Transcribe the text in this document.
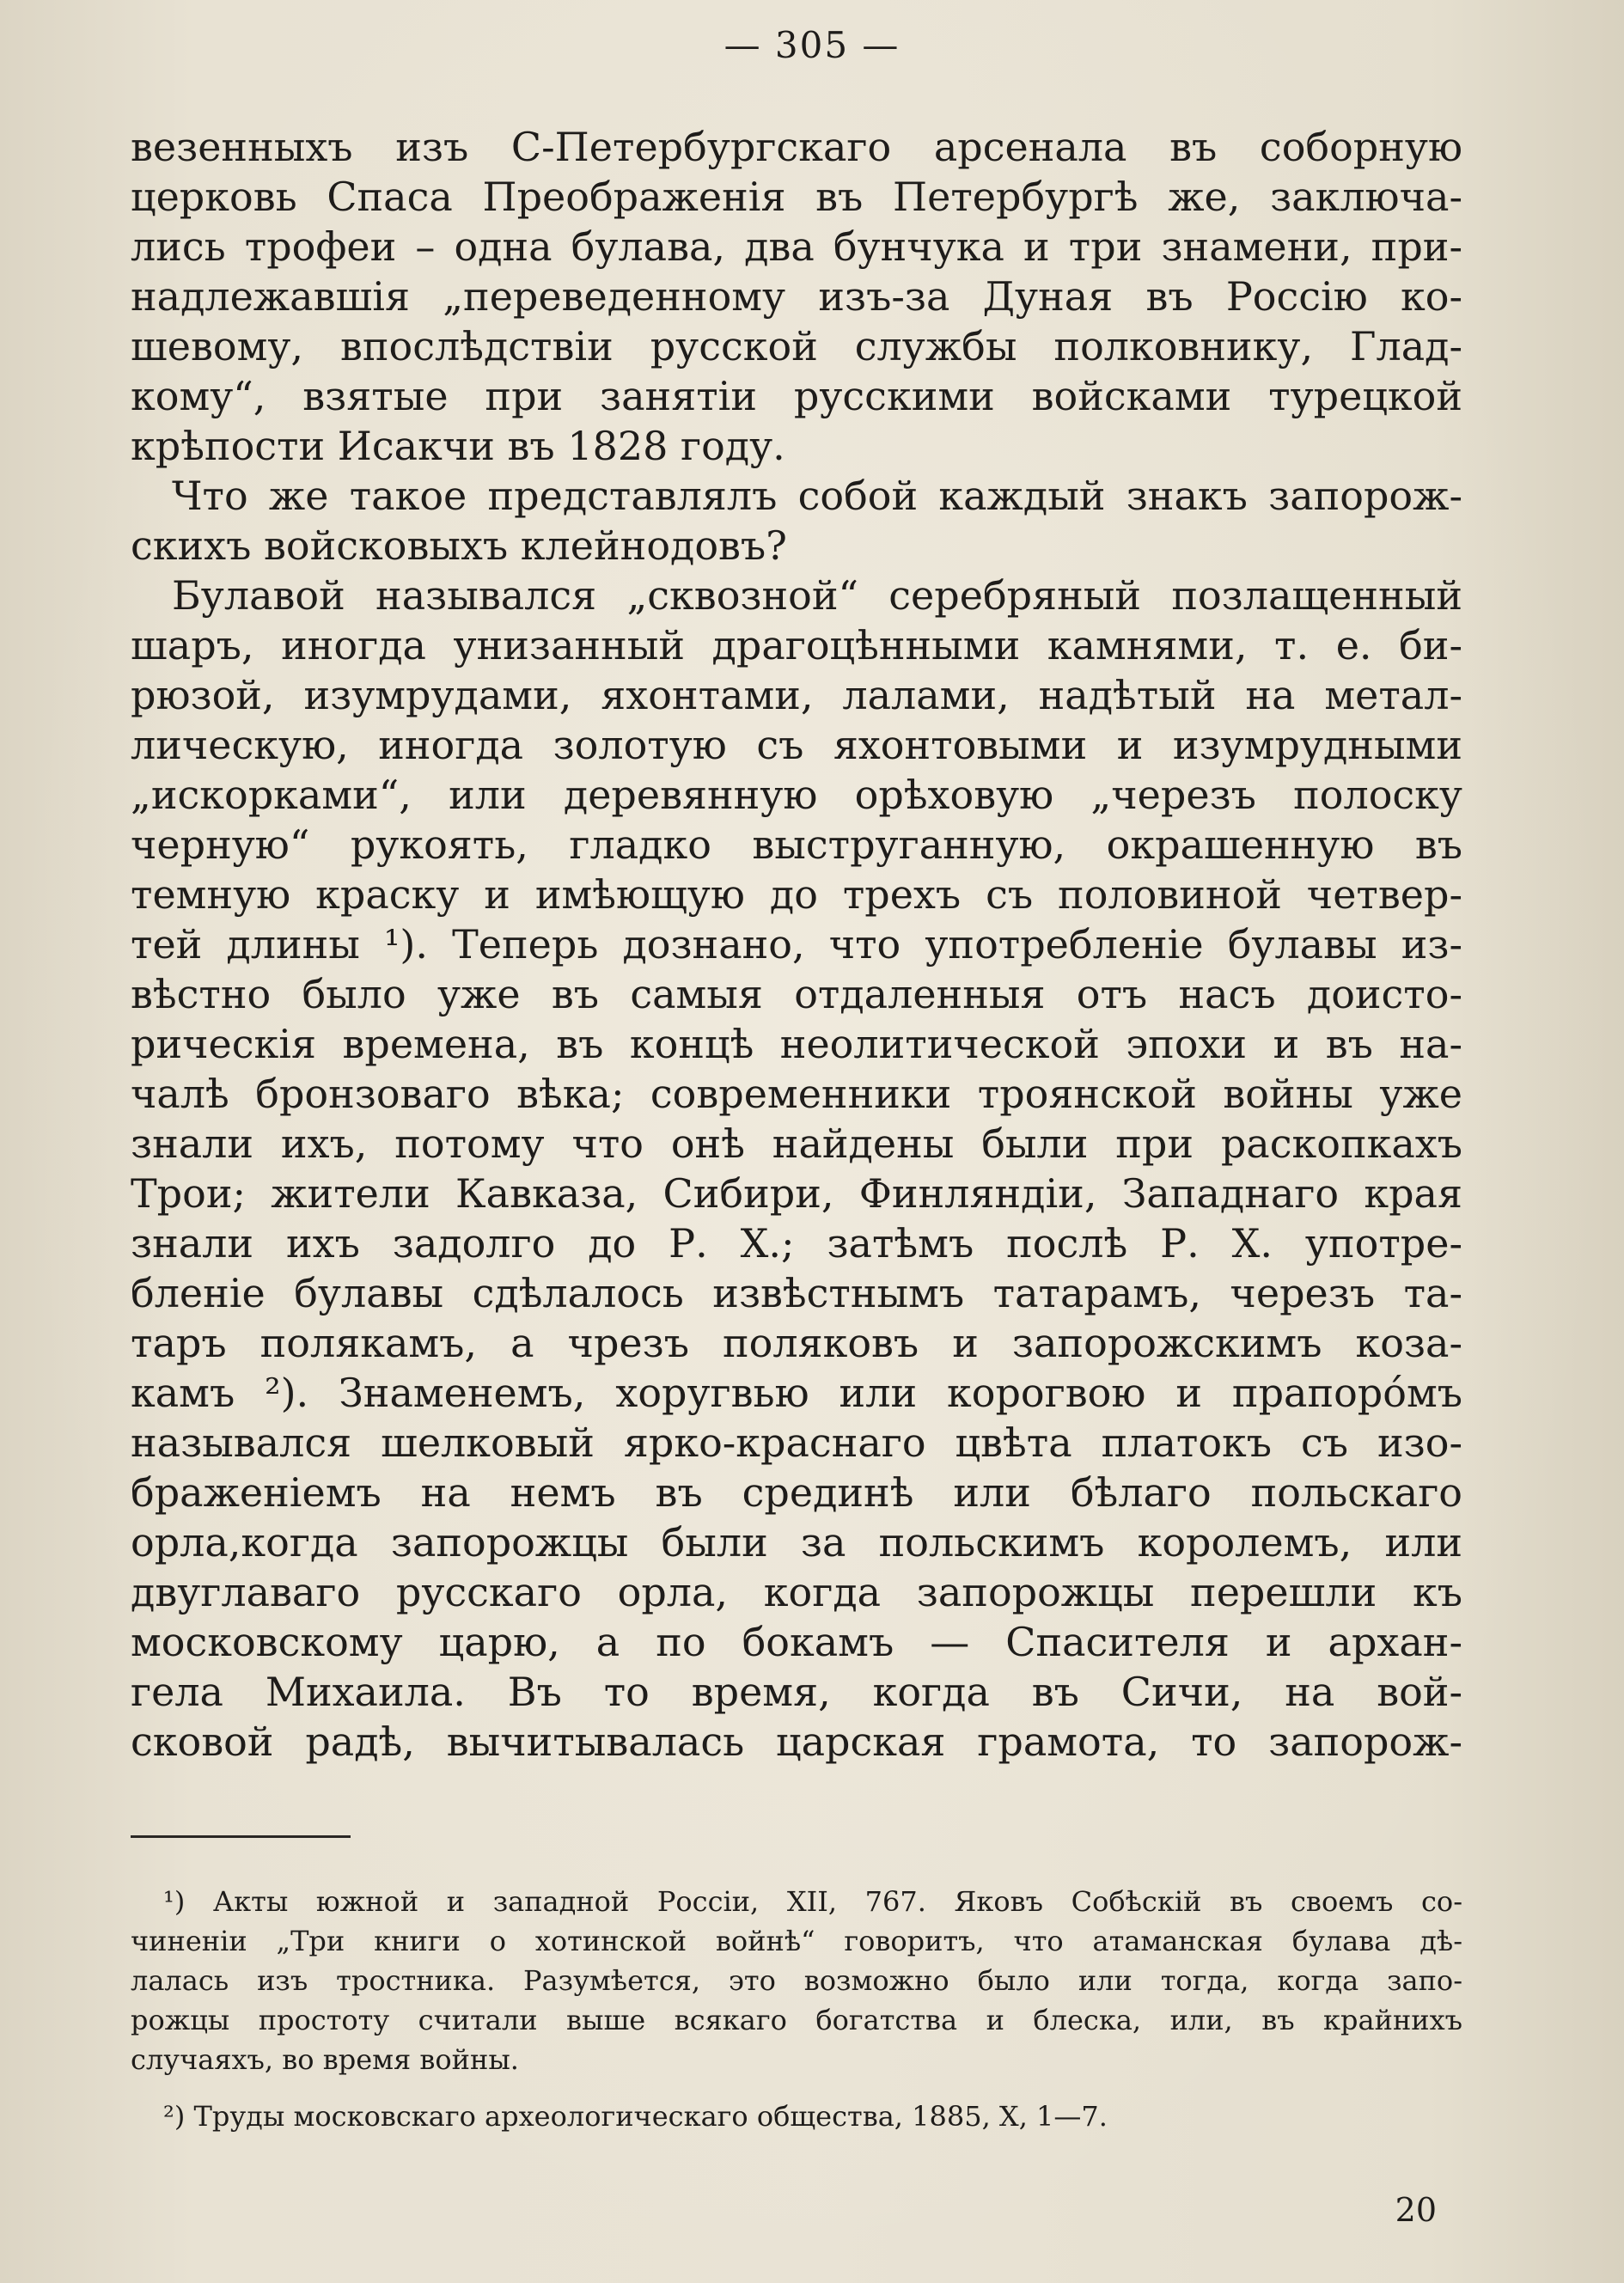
— 305 —
везенныхъ изъ С-Петербургскаго арсенала въ соборную
церковь Спаса Преображенія въ Петербургѣ же, заключа-
лись трофеи – одна булава, два бунчука и три знамени, при-
надлежавшія „переведенному изъ-за Дуная въ Россію ко-
шевому, впослѣдствіи русской службы полковнику, Глад-
кому“, взятые при занятіи русскими войсками турецкой
крѣпости Исакчи въ 1828 году.
Что же такое представлялъ собой каждый знакъ запорож-
скихъ войсковыхъ клейнодовъ?
Булавой назывался „сквозной“ серебряный позлащенный
шаръ, иногда унизанный драгоцѣнными камнями, т. е. би-
рюзой, изумрудами, яхонтами, лалами, надѣтый на метал-
лическую, иногда золотую съ яхонтовыми и изумрудными
„искорками“, или деревянную орѣховую „черезъ полоску
черную“ рукоять, гладко выструганную, окрашенную въ
темную краску и имѣющую до трехъ съ половиной четвер-
тей длины ¹). Теперь дознано, что употребленіе булавы из-
вѣстно было уже въ самыя отдаленныя отъ насъ доисто-
рическія времена, въ концѣ неолитической эпохи и въ на-
чалѣ бронзоваго вѣка; современники троянской войны уже
знали ихъ, потому что онѣ найдены были при раскопкахъ
Трои; жители Кавказа, Сибири, Финляндіи, Западнаго края
знали ихъ задолго до Р. Х.; затѣмъ послѣ Р. Х. употре-
бленіе булавы сдѣлалось извѣстнымъ татарамъ, черезъ та-
таръ полякамъ, а чрезъ поляковъ и запорожскимъ коза-
камъ ²). Знаменемъ, хоругвью или корогвою и прапоро́мъ
назывался шелковый ярко-краснаго цвѣта платокъ съ изо-
браженіемъ на немъ въ срединѣ или бѣлаго польскаго
орла,когда запорожцы были за польскимъ королемъ, или
двуглаваго русскаго орла, когда запорожцы перешли къ
московскому царю, а по бокамъ — Спасителя и архан-
гела Михаила. Въ то время, когда въ Сичи, на вой-
сковой радѣ, вычитывалась царская грамота, то запорож-
¹) Акты южной и западной Россіи, XII, 767. Яковъ Собѣскій въ своемъ со-
чиненіи „Три книги о хотинской войнѣ“ говоритъ, что атаманская булава дѣ-
лалась изъ тростника. Разумѣется, это возможно было или тогда, когда запо-
рожцы простоту считали выше всякаго богатства и блеска, или, въ крайнихъ
случаяхъ, во время войны.
²) Труды московскаго археологическаго общества, 1885, X, 1—7.
20
